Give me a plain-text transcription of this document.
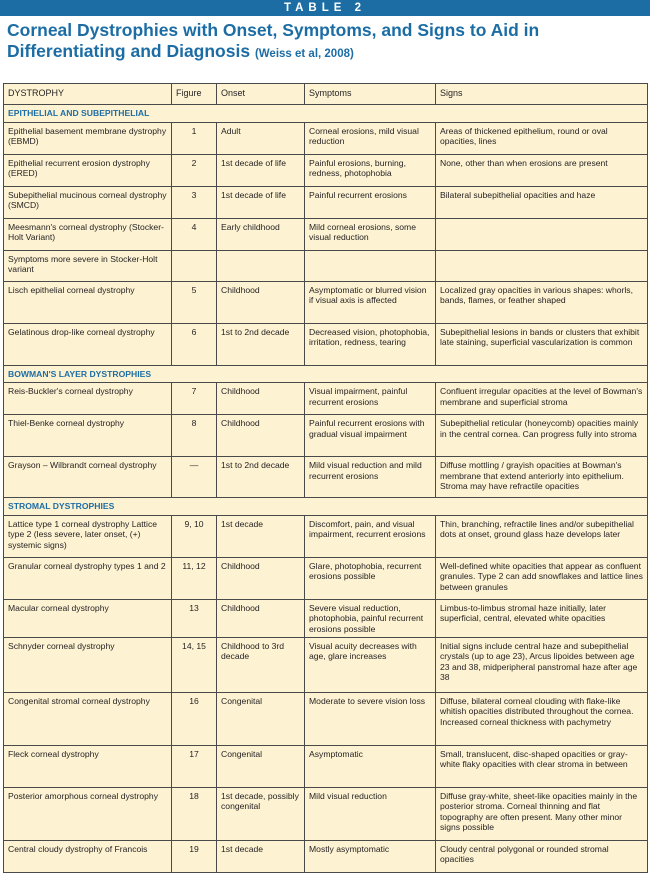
TABLE 2
Corneal Dystrophies with Onset, Symptoms, and Signs to Aid in Differentiating and Diagnosis (Weiss et al, 2008)
DYSTROPHY	Figure	Onset	Symptoms	Signs
EPITHELIAL AND SUBEPITHELIAL				
Epithelial basement membrane dystrophy (EBMD)	1	Adult	Corneal erosions, mild visual reduction	Areas of thickened epithelium, round or oval opacities, lines
Epithelial recurrent erosion dystrophy (ERED)	2	1st decade of life	Painful erosions, burning, redness, photophobia	None, other than when erosions are present
Subepithelial mucinous corneal dystrophy (SMCD)	3	1st decade of life	Painful recurrent erosions	Bilateral subepithelial opacities and haze
Meesmann's corneal dystrophy (Stocker-Holt Variant)	4	Early childhood	Mild corneal erosions, some visual reduction	
Symptoms more severe in Stocker-Holt variant				
Lisch epithelial corneal dystrophy	5	Childhood	Asymptomatic or blurred vision if visual axis is affected	Localized gray opacities in various shapes: whorls, bands, flames, or feather shaped
Gelatinous drop-like corneal dystrophy	6	1st to 2nd decade	Decreased vision, photophobia, irritation, redness, tearing	Subepithelial lesions in bands or clusters that exhibit late staining, superficial vascularization is common
BOWMAN'S LAYER DYSTROPHIES				
Reis-Buckler's corneal dystrophy	7	Childhood	Visual impairment, painful recurrent erosions	Confluent irregular opacities at the level of Bowman's membrane and superficial stroma
Thiel-Benke corneal dystrophy	8	Childhood	Painful recurrent erosions with gradual visual impairment	Subepithelial reticular (honeycomb) opacities mainly in the central cornea. Can progress fully into stroma
Grayson – Wilbrandt corneal dystrophy	—	1st to 2nd decade	Mild visual reduction and mild recurrent erosions	Diffuse mottling / grayish opacities at Bowman's membrane that extend anteriorly into epithelium. Stroma may have refractile opacities
STROMAL DYSTROPHIES				
Lattice type 1 corneal dystrophy Lattice type 2 (less severe, later onset, (+) systemic signs)	9, 10	1st decade	Discomfort, pain, and visual impairment, recurrent erosions	Thin, branching, refractile lines and/or subepithelial dots at onset, ground glass haze develops later
Granular corneal dystrophy types 1 and 2	11, 12	Childhood	Glare, photophobia, recurrent erosions possible	Well-defined white opacities that appear as confluent granules. Type 2 can add snowflakes and lattice lines between granules
Macular corneal dystrophy	13	Childhood	Severe visual reduction, photophobia, painful recurrent erosions possible	Limbus-to-limbus stromal haze initially, later superficial, central, elevated white opacities
Schnyder corneal dystrophy	14, 15	Childhood to 3rd decade	Visual acuity decreases with age, glare increases	Initial signs include central haze and subepithelial crystals (up to age 23), Arcus lipoides between age 23 and 38, midperipheral panstromal haze after age 38
Congenital stromal corneal dystrophy	16	Congenital	Moderate to severe vision loss	Diffuse, bilateral corneal clouding with flake-like whitish opacities distributed throughout the cornea. Increased corneal thickness with pachymetry
Fleck corneal dystrophy	17	Congenital	Asymptomatic	Small, translucent, disc-shaped opacities or gray-white flaky opacities with clear stroma in between
Posterior amorphous corneal dystrophy	18	1st decade, possibly congenital	Mild visual reduction	Diffuse gray-white, sheet-like opacities mainly in the posterior stroma. Corneal thinning and flat topography are often present. Many other minor signs possible
Central cloudy dystrophy of Francois	19	1st decade	Mostly asymptomatic	Cloudy central polygonal or rounded stromal opacities
